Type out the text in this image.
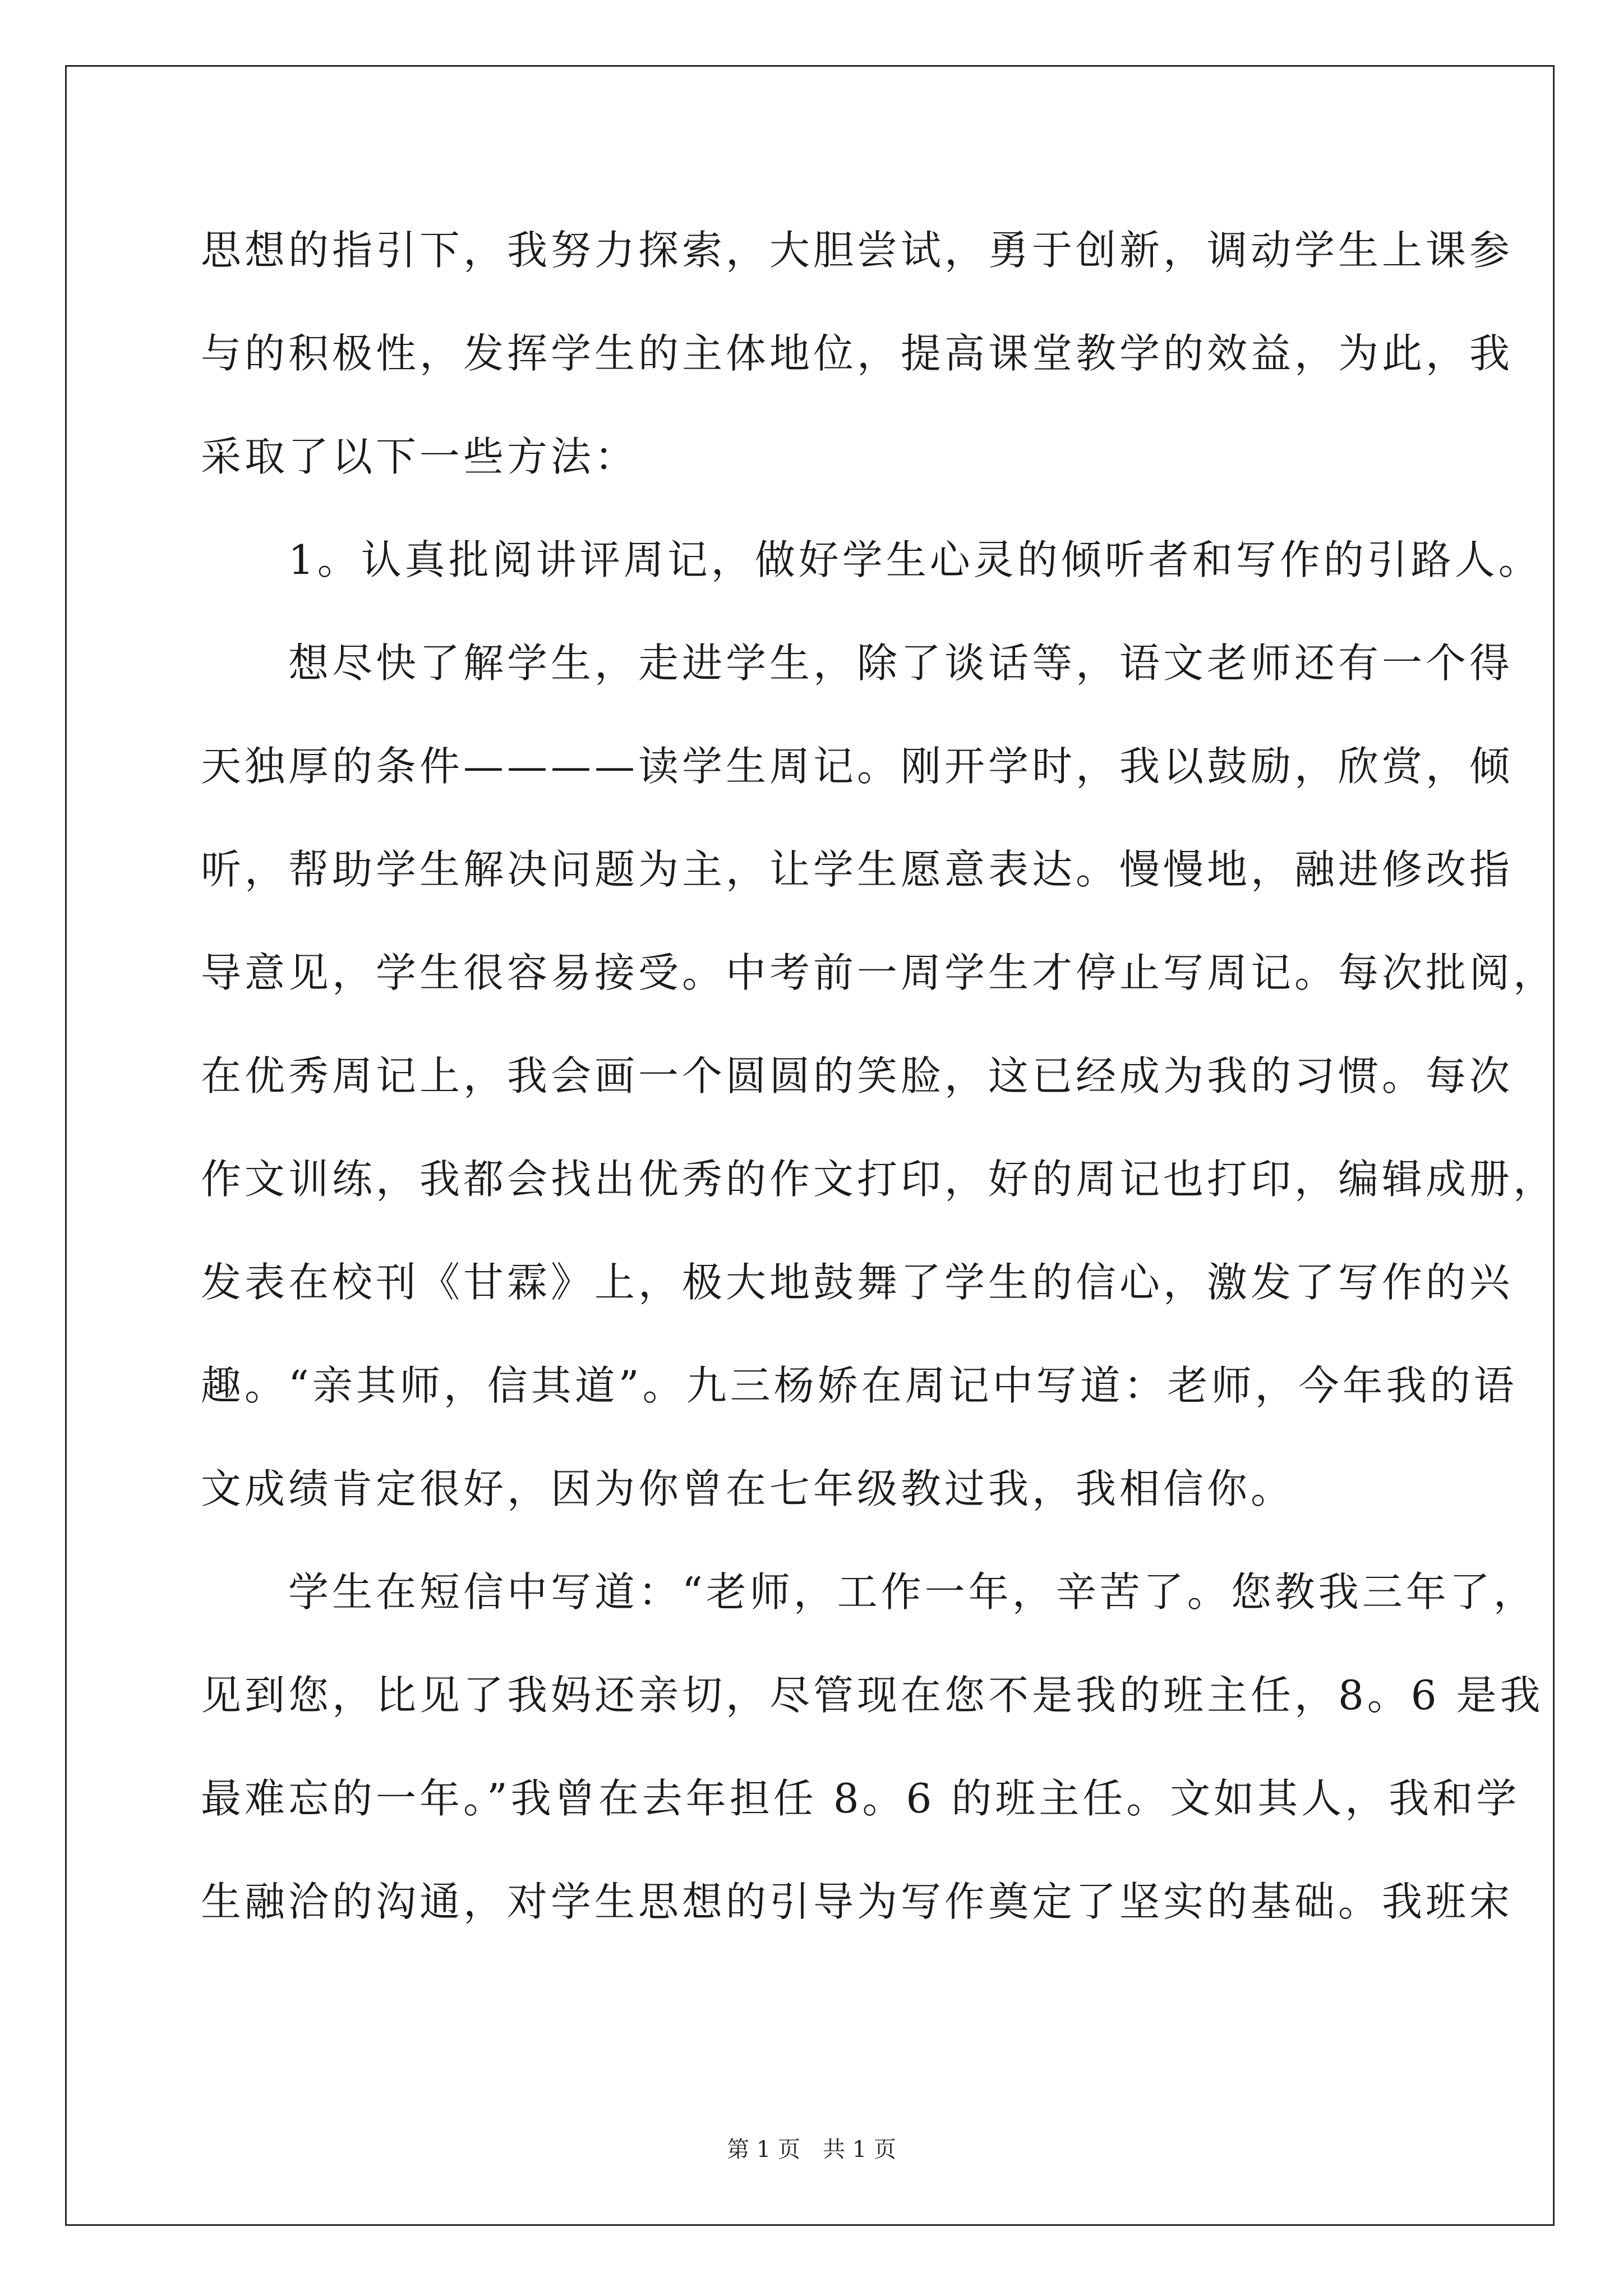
思想的指引下，我努力探索，大胆尝试，勇于创新，调动学生上课参
与的积极性，发挥学生的主体地位，提高课堂教学的效益，为此，我
采取了以下一些方法：
　　1。认真批阅讲评周记，做好学生心灵的倾听者和写作的引路人。
　　想尽快了解学生，走进学生，除了谈话等，语文老师还有一个得
天独厚的条件————读学生周记。刚开学时，我以鼓励，欣赏，倾
听，帮助学生解决问题为主，让学生愿意表达。慢慢地，融进修改指
导意见，学生很容易接受。中考前一周学生才停止写周记。每次批阅，
在优秀周记上，我会画一个圆圆的笑脸，这已经成为我的习惯。每次
作文训练，我都会找出优秀的作文打印，好的周记也打印，编辑成册，
发表在校刊《甘霖》上，极大地鼓舞了学生的信心，激发了写作的兴
趣。“亲其师，信其道”。九三杨娇在周记中写道：老师，今年我的语
文成绩肯定很好，因为你曾在七年级教过我，我相信你。
　　学生在短信中写道：“老师，工作一年，辛苦了。您教我三年了，
见到您，比见了我妈还亲切，尽管现在您不是我的班主任，8。6 是我
最难忘的一年。”我曾在去年担任 8。6 的班主任。文如其人，我和学
生融洽的沟通，对学生思想的引导为写作奠定了坚实的基础。我班宋
第 1 页　共 1 页
